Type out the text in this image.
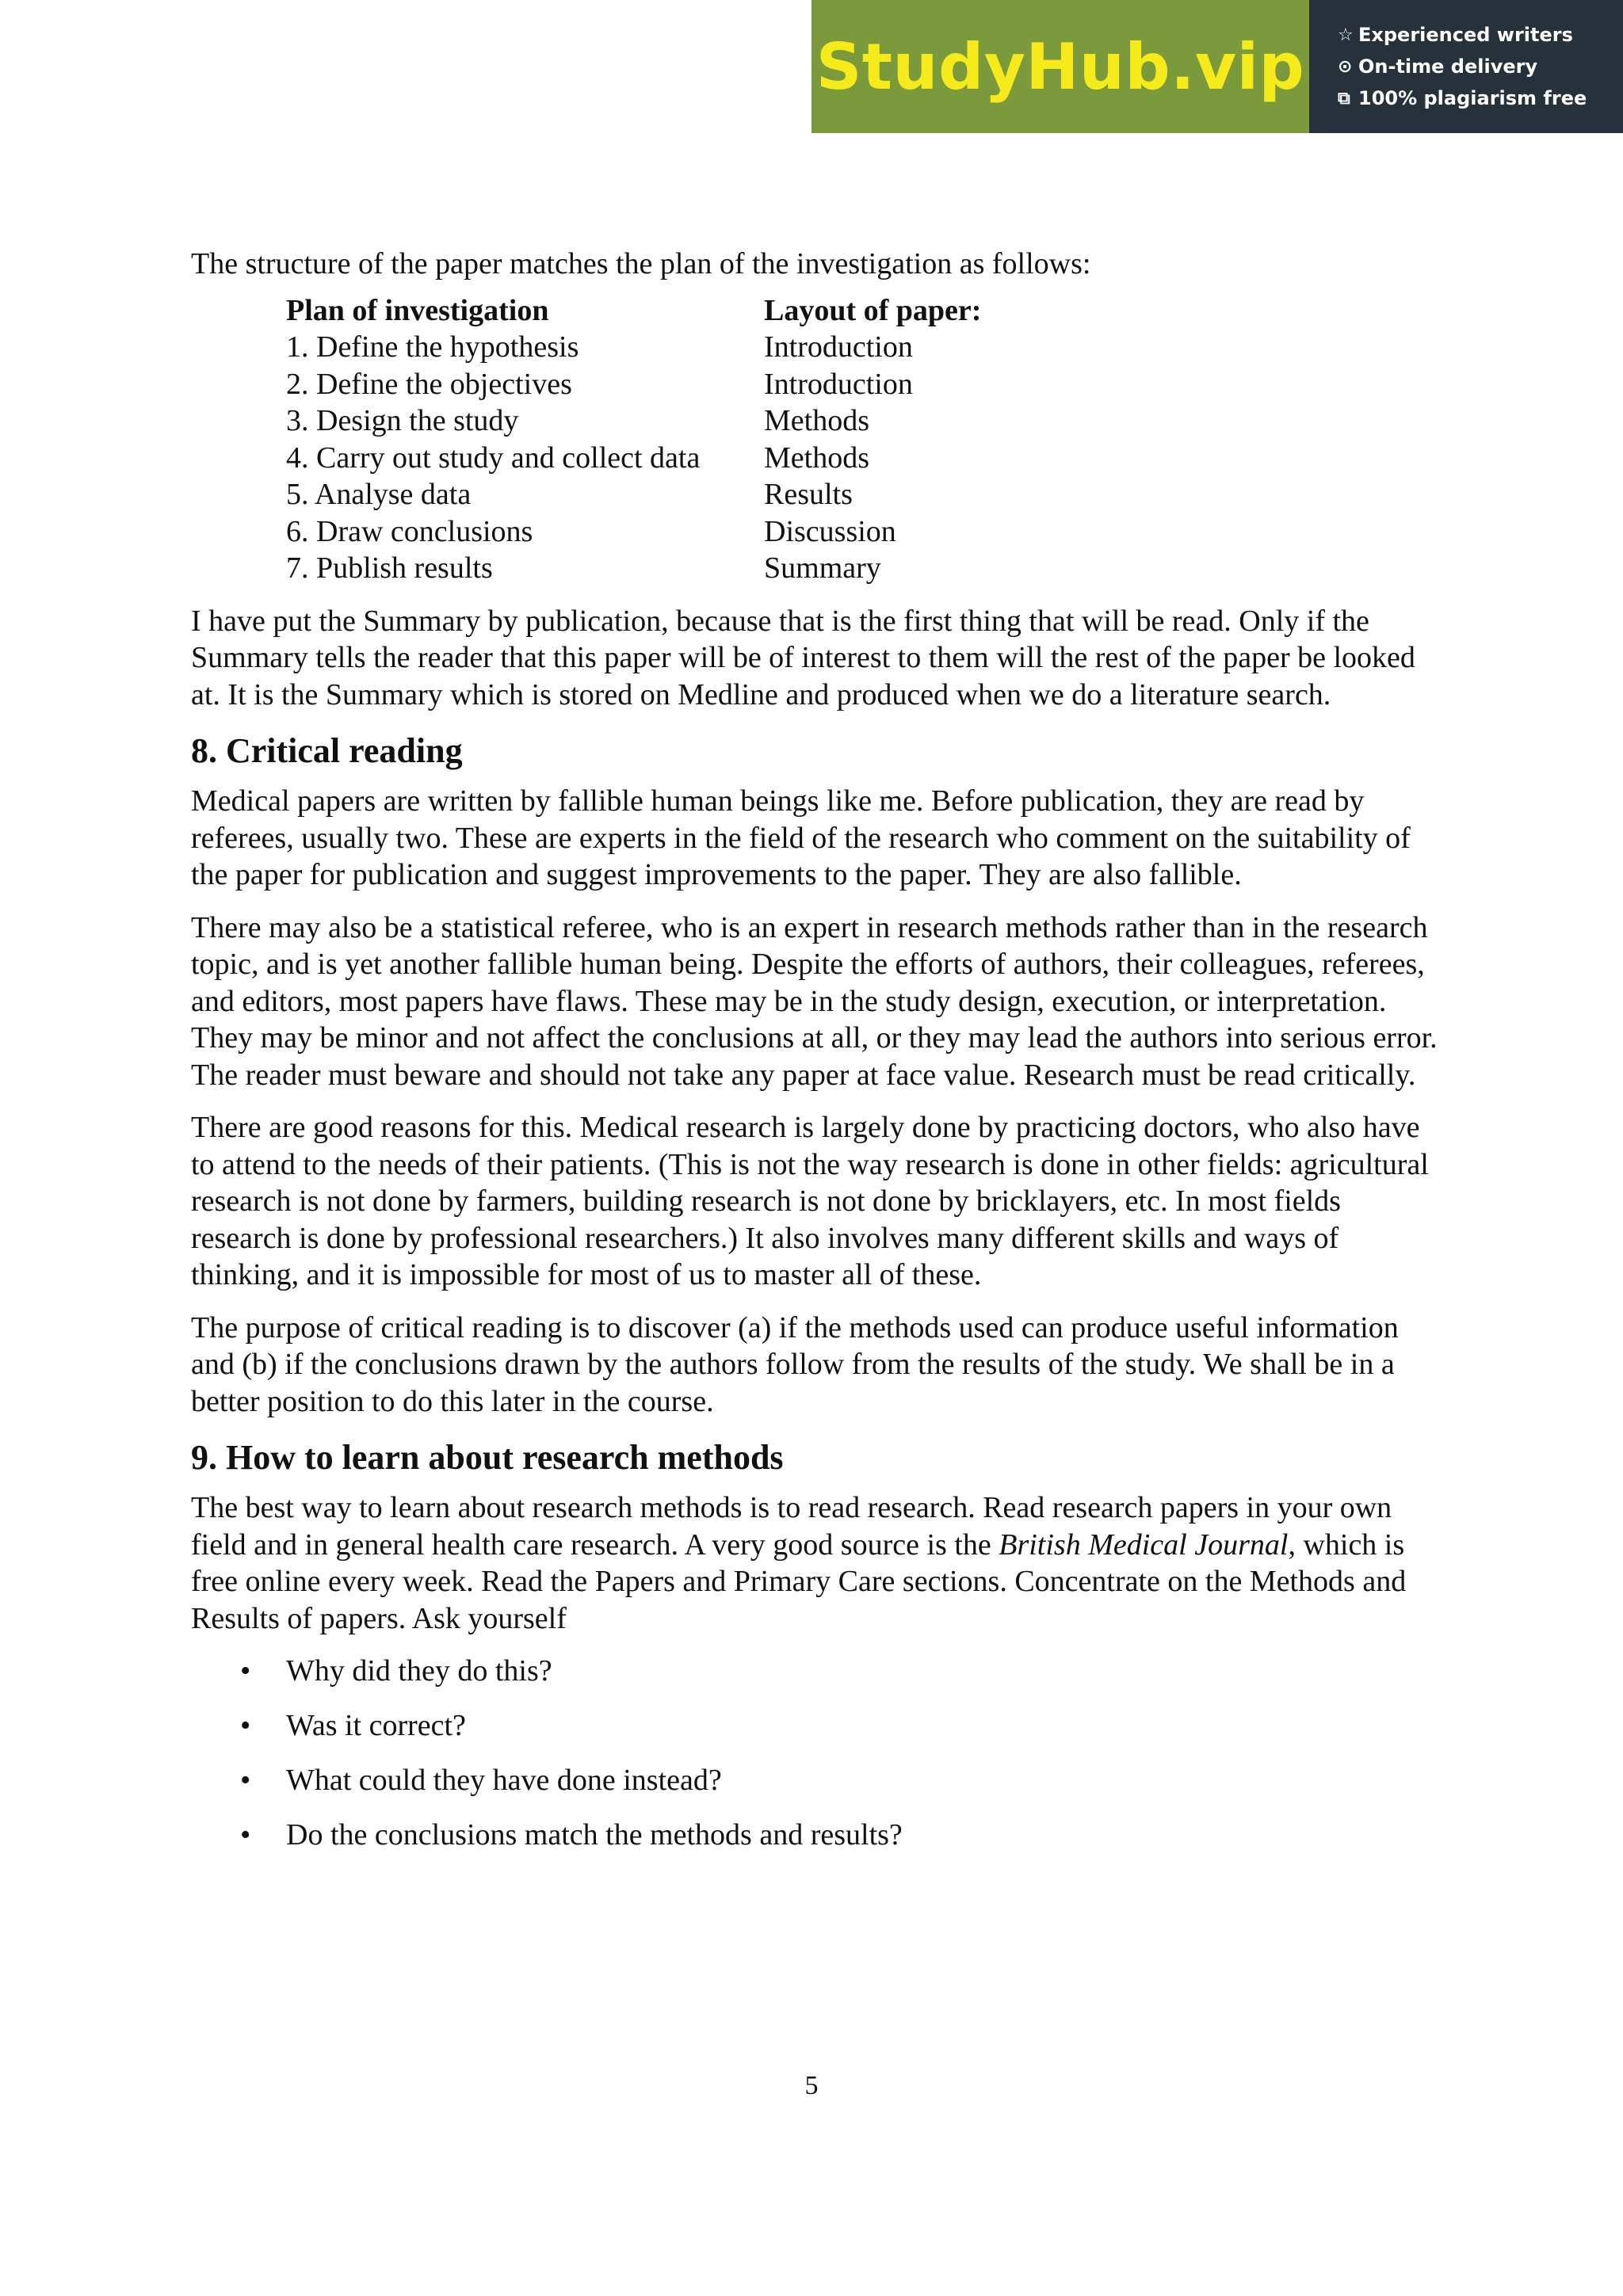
StudyHub.vip ☆ Experienced writers
⊙ On-time delivery
⧉ 100% plagiarism free

The structure of the paper matches the plan of the investigation as follows:

Plan of investigation	Layout of paper:
1. Define the hypothesis	Introduction
2. Define the objectives	Introduction
3. Design the study	Methods
4. Carry out study and collect data	Methods
5. Analyse data	Results
6. Draw conclusions	Discussion
7. Publish results	Summary

I have put the Summary by publication, because that is the first thing that will be read. Only if the Summary tells the reader that this paper will be of interest to them will the rest of the paper be looked at. It is the Summary which is stored on Medline and produced when we do a literature search.

8. Critical reading

Medical papers are written by fallible human beings like me. Before publication, they are read by referees, usually two. These are experts in the field of the research who comment on the suitability of the paper for publication and suggest improvements to the paper. They are also fallible.

There may also be a statistical referee, who is an expert in research methods rather than in the research topic, and is yet another fallible human being. Despite the efforts of authors, their colleagues, referees, and editors, most papers have flaws. These may be in the study design, execution, or interpretation. They may be minor and not affect the conclusions at all, or they may lead the authors into serious error. The reader must beware and should not take any paper at face value. Research must be read critically.

There are good reasons for this. Medical research is largely done by practicing doctors, who also have to attend to the needs of their patients. (This is not the way research is done in other fields: agricultural research is not done by farmers, building research is not done by bricklayers, etc. In most fields research is done by professional researchers.) It also involves many different skills and ways of thinking, and it is impossible for most of us to master all of these.

The purpose of critical reading is to discover (a) if the methods used can produce useful information and (b) if the conclusions drawn by the authors follow from the results of the study. We shall be in a better position to do this later in the course.

9. How to learn about research methods

The best way to learn about research methods is to read research. Read research papers in your own field and in general health care research. A very good source is the British Medical Journal, which is free online every week. Read the Papers and Primary Care sections. Concentrate on the Methods and Results of papers. Ask yourself

• Why did they do this?
• Was it correct?
• What could they have done instead?
• Do the conclusions match the methods and results?
5
